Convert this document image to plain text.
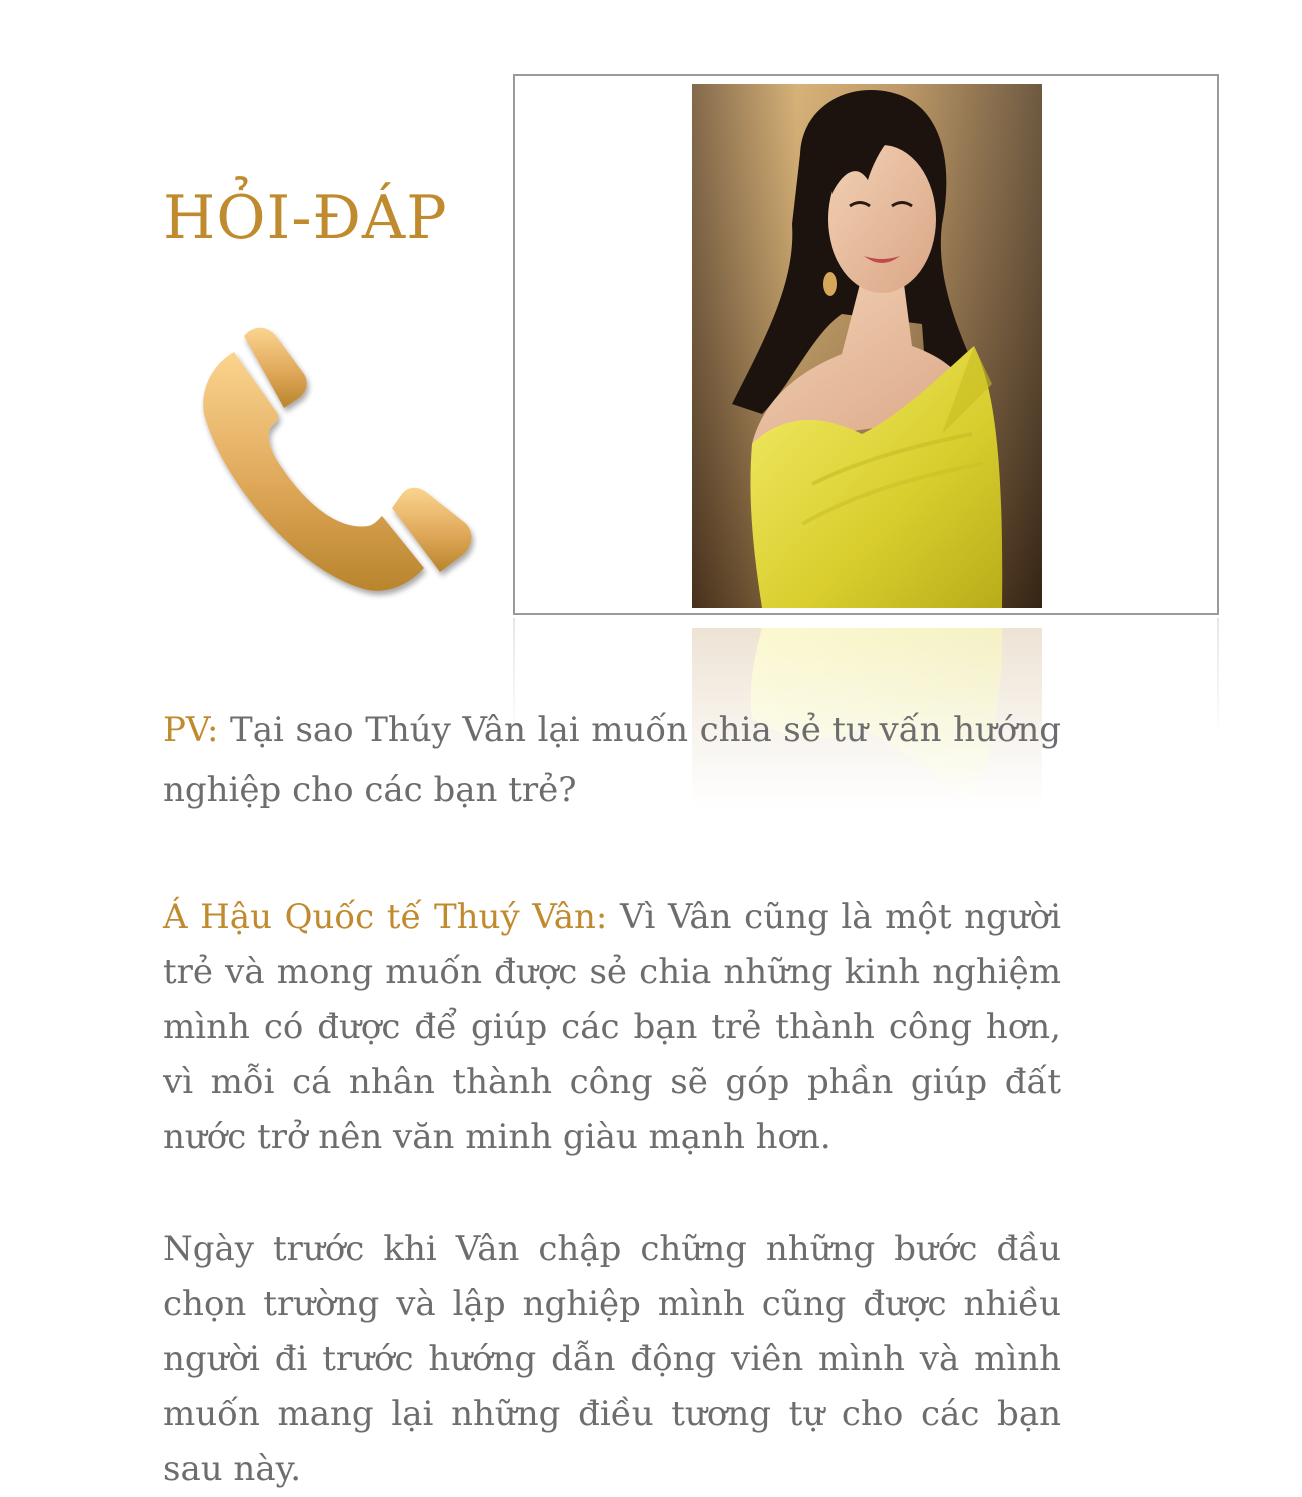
HỎI-ĐÁP

PV: Tại sao Thúy Vân lại muốn chia sẻ tư vấn hướng nghiệp cho các bạn trẻ?

Á Hậu Quốc tế Thuý Vân: Vì Vân cũng là một người trẻ và mong muốn được sẻ chia những kinh nghiệm mình có được để giúp các bạn trẻ thành công hơn, vì mỗi cá nhân thành công sẽ góp phần giúp đất nước trở nên văn minh giàu mạnh hơn.

Ngày trước khi Vân chập chững những bước đầu chọn trường và lập nghiệp mình cũng được nhiều người đi trước hướng dẫn động viên mình và mình muốn mang lại những điều tương tự cho các bạn sau này.
